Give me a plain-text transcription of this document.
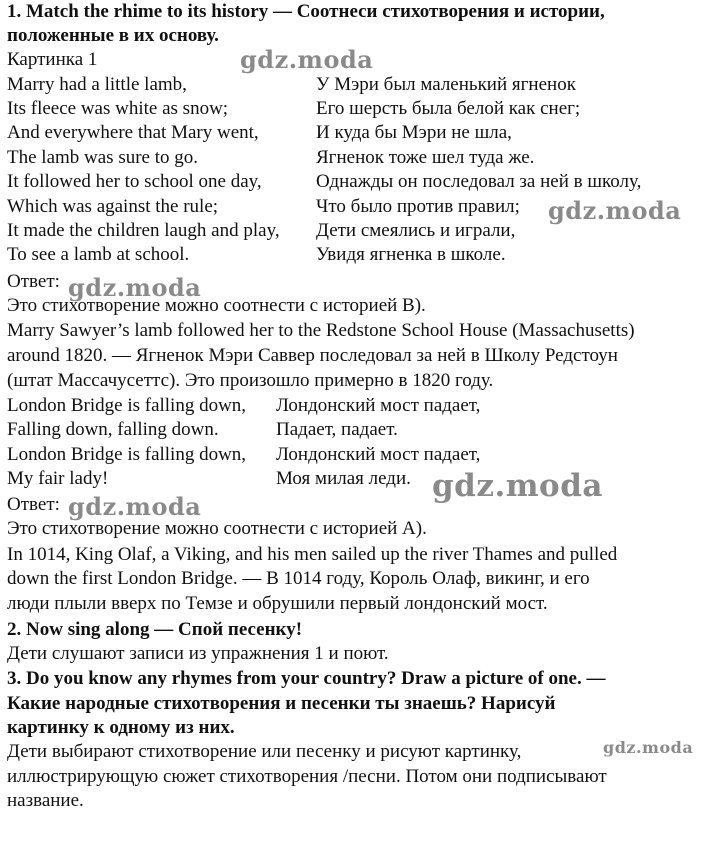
1. Match the rhime to its history — Соотнеси стихотворения и истории,
положенные в их основу.
Картинка 1
Marry had a little lamb,	У Мэри был маленький ягненок
Its fleece was white as snow;	Его шерсть была белой как снег;
And everywhere that Mary went,	И куда бы Мэри не шла,
The lamb was sure to go.	Ягненок тоже шел туда же.
It followed her to school one day,	Однажды он последовал за ней в школу,
Which was against the rule;	Что было против правил;
It made the children laugh and play, Дети смеялись и играли,
To see a lamb at school.	Увидя ягненка в школе.
Ответ:
Это стихотворение можно соотнести с историей B).
Marry Sawyer’s lamb followed her to the Redstone School House (Massachusetts)
around 1820. — Ягненок Мэри Саввер последовал за ней в Школу Редстоун
(штат Массачусеттс). Это произошло примерно в 1820 году.
London Bridge is falling down, Лондонский мост падает,
Falling down, falling down.	Падает, падает.
London Bridge is falling down, Лондонский мост падает,
My fair lady!	Моя милая леди.
Ответ:
Это стихотворение можно соотнести с историей А).
In 1014, King Olaf, a Viking, and his men sailed up the river Thames and pulled
down the first London Bridge. — В 1014 году, Король Олаф, викинг, и его
люди плыли вверх по Темзе и обрушили первый лондонский мост.
2. Now sing along — Спой песенку!
Дети слушают записи из упражнения 1 и поют.
3. Do you know any rhymes from your country? Draw a picture of one. —
Какие народные стихотворения и песенки ты знаешь? Нарисуй
картинку к одному из них.
Дети выбирают стихотворение или песенку и рисуют картинку,
иллюстрирующую сюжет стихотворения /песни. Потом они подписывают
название.
gdz.moda
gdz.moda
gdz.moda
gdz.moda
gdz.moda
gdz.moda
